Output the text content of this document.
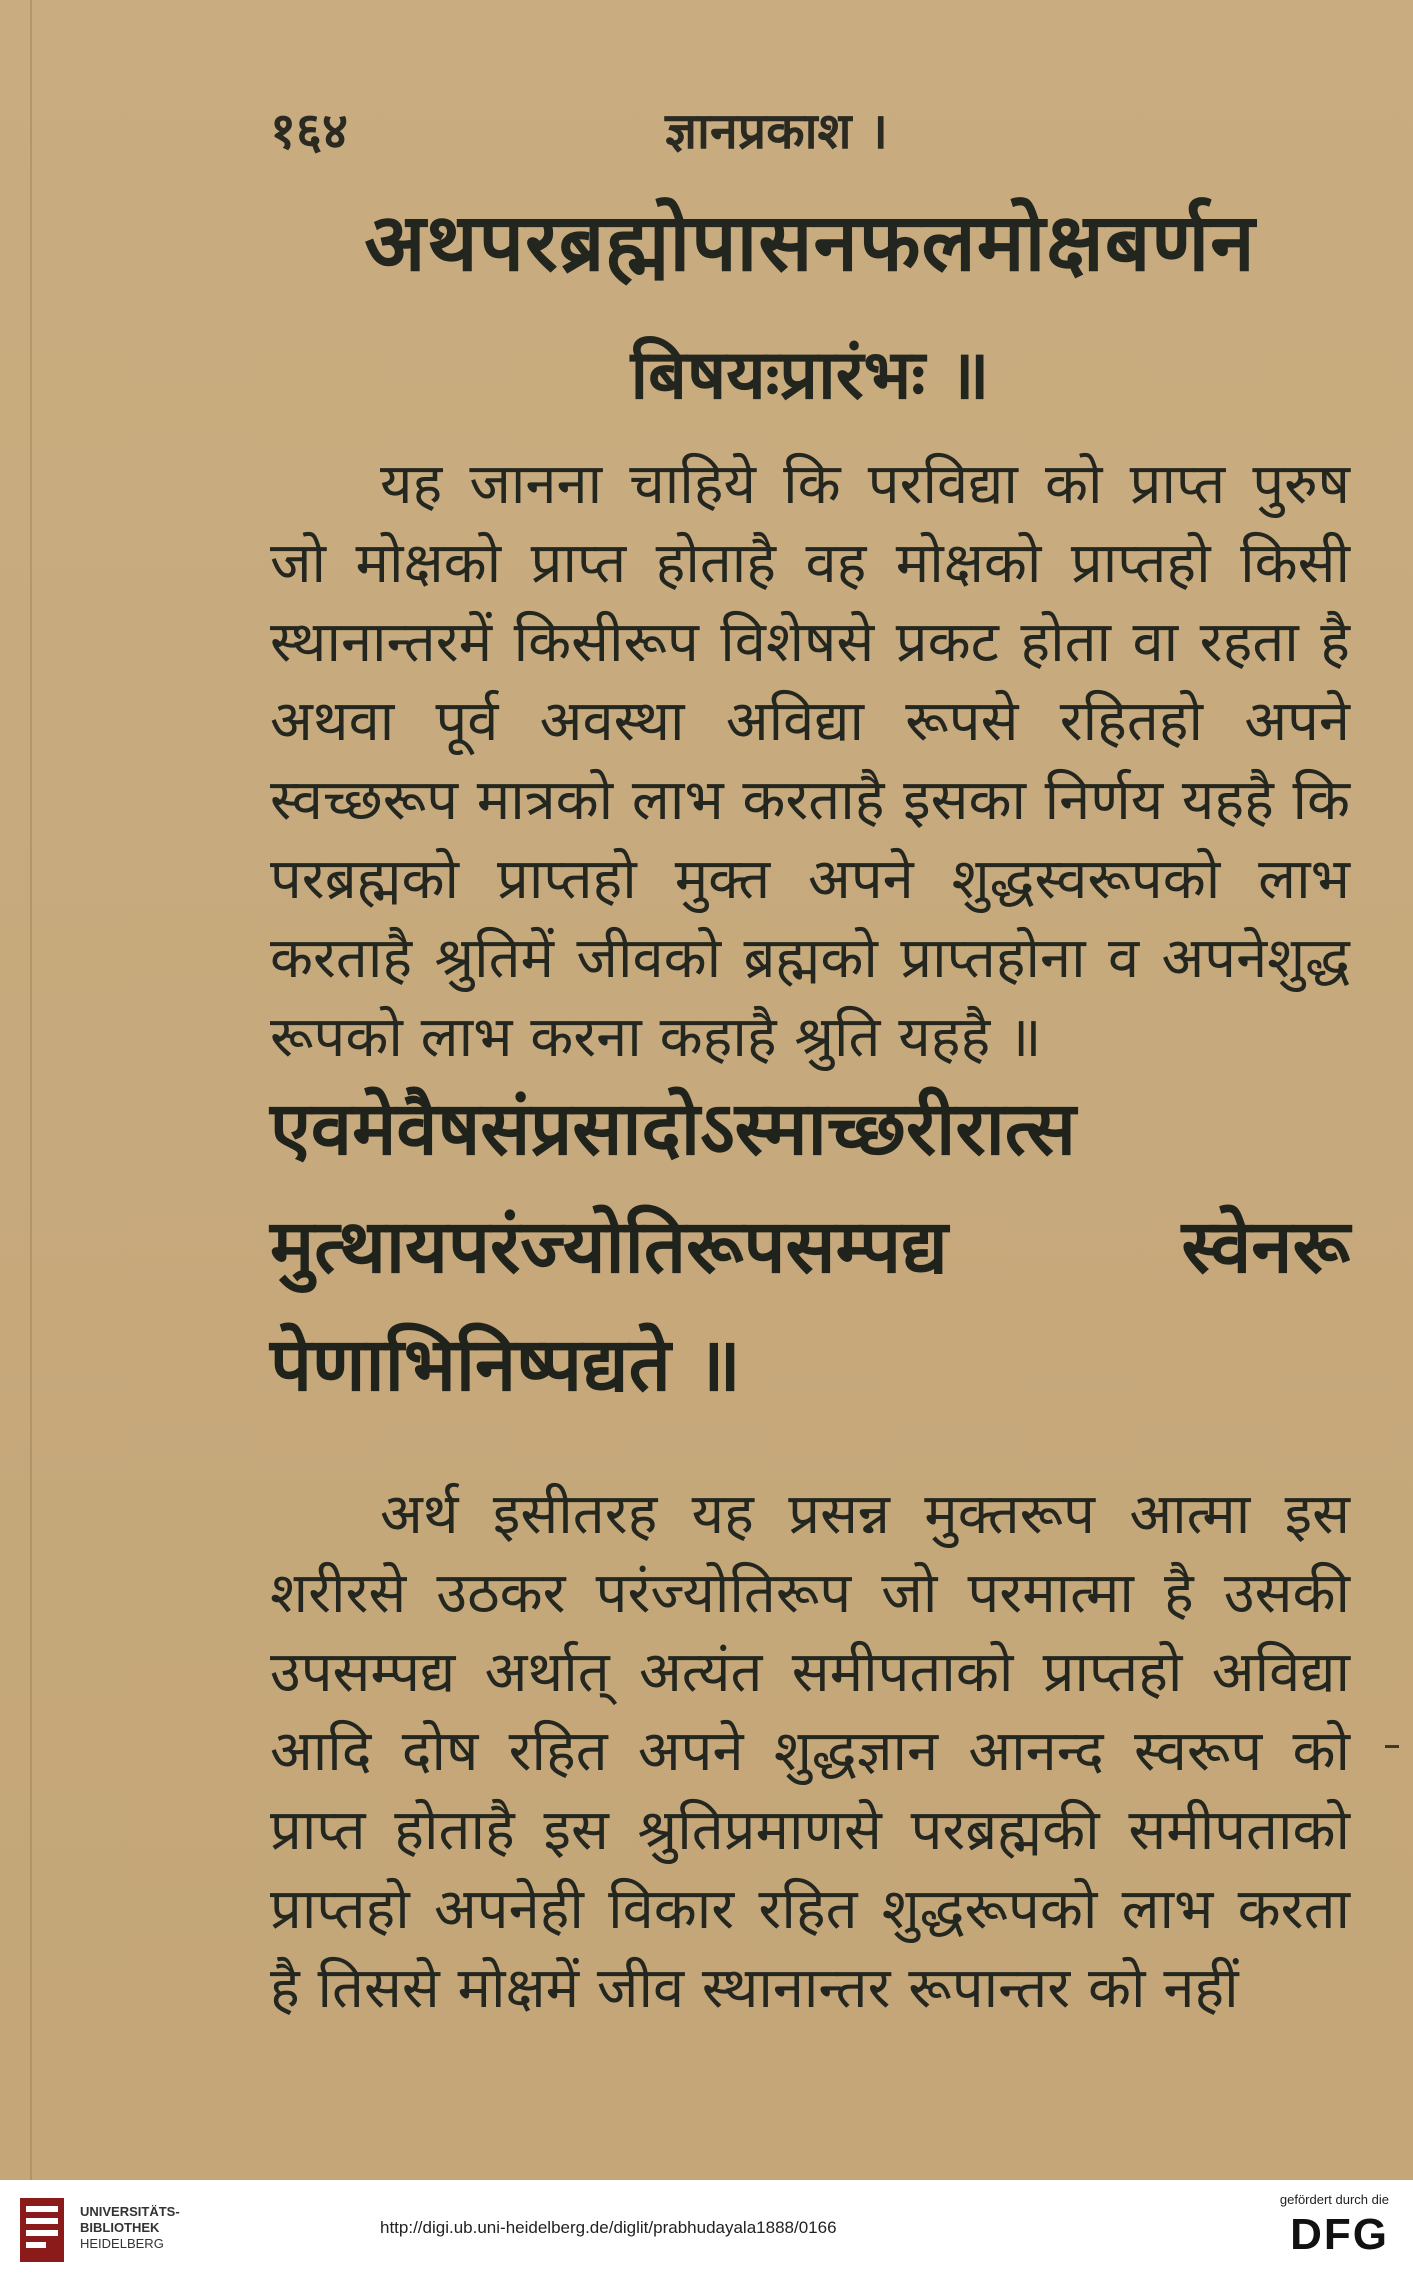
१६४	ज्ञानप्रकाश ।
अथपरब्रह्मोपासनफलमोक्षबर्णन
बिषयःप्रारंभः ॥

यह जानना चाहिये कि परविद्या को प्राप्त पुरुष जो मोक्षको प्राप्त होताहै वह मोक्षको प्राप्तहो किसी स्थानान्तरमें किसीरूप विशेषसे प्रकट होता वा रहता है अथवा पूर्व अवस्था अविद्या रूपसे रहितहो अपने स्वच्छरूप मात्रको लाभ करताहै इसका निर्णय यहहै कि परब्रह्मको प्राप्तहो मुक्त अपने शुद्धस्वरूपको लाभ करताहै श्रुतिमें जीवको ब्रह्मको प्राप्तहोना व अपनेशुद्ध रूपको लाभ करना कहाहै श्रुति यहहै ॥

एवमेवैषसंप्रसादोऽस्माच्छरीरात्स मुत्थायपरंज्योतिरूपसम्पद्य स्वेनरू पेणाभिनिष्पद्यते ॥

अर्थ इसीतरह यह प्रसन्न मुक्तरूप आत्मा इस शरीरसे उठकर परंज्योतिरूप जो परमात्मा है उसकी उपसम्पद्य अर्थात् अत्यंत समीपताको प्राप्तहो अविद्या आदि दोष रहित अपने शुद्धज्ञान आनन्द स्वरूप को प्राप्त होताहै इस श्रुतिप्रमाणसे परब्रह्मकी समीपताको प्राप्तहो अपनेही विकार रहित शुद्धरूपको लाभ करता है तिससे मोक्षमें जीव स्थानान्तर रूपान्तर को नहीं

UNIVERSITÄTS-
BIBLIOTHEK
HEIDELBERG
http://digi.ub.uni-heidelberg.de/diglit/prabhudayala1888/0166
gefördert durch die
DFG
